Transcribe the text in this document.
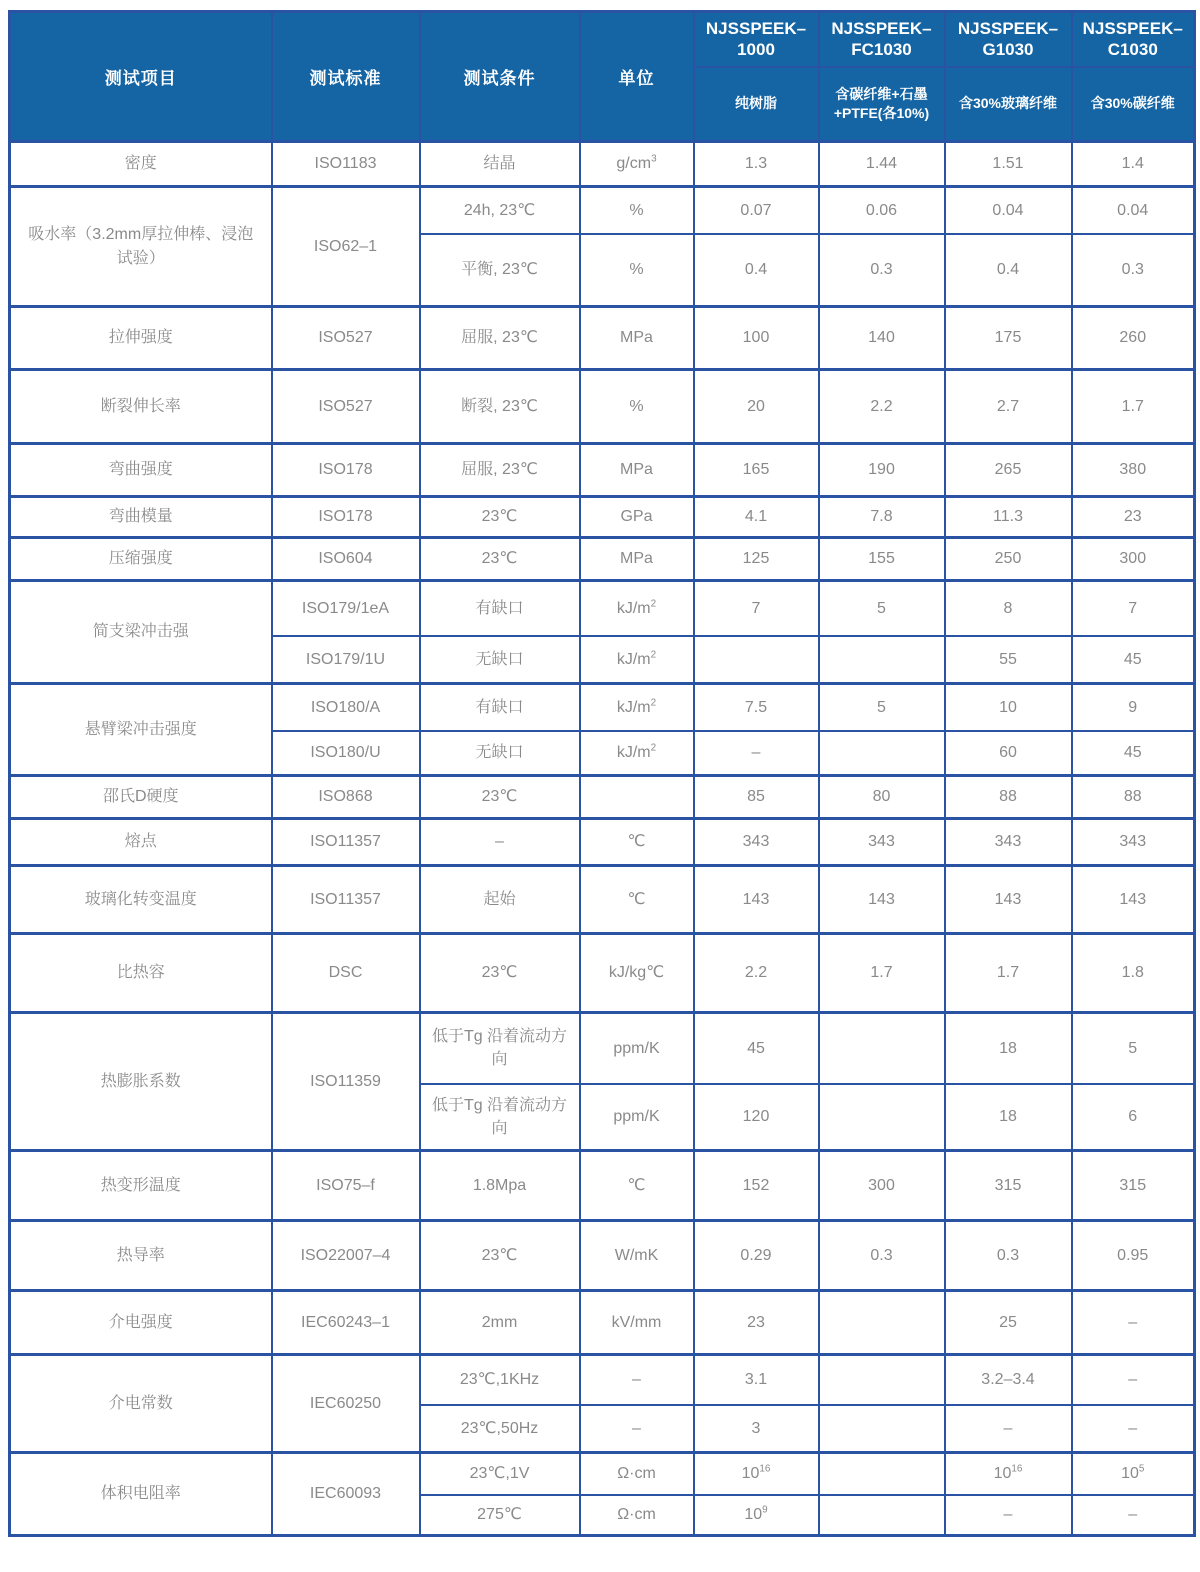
测试项目	测试标准	测试条件	单位	NJSSPEEK–1000	NJSSPEEK–FC1030	NJSSPEEK–G1030	NJSSPEEK–C1030
				纯树脂	含碳纤维+石墨+PTFE(各10%)	含30%玻璃纤维	含30%碳纤维
密度	ISO1183	结晶	$g/cm^3$	1.3	1.44	1.51	1.4
吸水率（3.2mm厚拉伸棒、浸泡试验）	ISO62–1	24h, 23℃	%	0.07	0.06	0.04	0.04
		平衡, 23℃	%	0.4	0.3	0.4	0.3
拉伸强度	ISO527	屈服, 23℃	MPa	100	140	175	260
断裂伸长率	ISO527	断裂, 23℃	%	20	2.2	2.7	1.7
弯曲强度	ISO178	屈服, 23℃	MPa	165	190	265	380
弯曲模量	ISO178	23℃	GPa	4.1	7.8	11.3	23
压缩强度	ISO604	23℃	MPa	125	155	250	300
简支梁冲击强	ISO179/1eA	有缺口	$kJ/m^2$	7	5	8	7
	ISO179/1U	无缺口	$kJ/m^2$			55	45
悬臂梁冲击强度	ISO180/A	有缺口	$kJ/m^2$	7.5	5	10	9
	ISO180/U	无缺口	$kJ/m^2$	–		60	45
邵氏D硬度	ISO868	23℃		85	80	88	88
熔点	ISO11357	–	℃	343	343	343	343
玻璃化转变温度	ISO11357	起始	℃	143	143	143	143
比热容	DSC	23℃	kJ/kg℃	2.2	1.7	1.7	1.8
热膨胀系数	ISO11359	低于Tg 沿着流动方向	ppm/K	45		18	5
		低于Tg 沿着流动方向	ppm/K	120		18	6
热变形温度	ISO75–f	1.8Mpa	℃	152	300	315	315
热导率	ISO22007–4	23℃	W/mK	0.29	0.3	0.3	0.95
介电强度	IEC60243–1	2mm	kV/mm	23		25	–
介电常数	IEC60250	23℃,1KHz	–	3.1		3.2–3.4	–
		23℃,50Hz	–	3		–	–
体积电阻率	IEC60093	23℃,1V	Ω·cm	$10^{16}$		$10^{16}$	$10^5$
		275℃	Ω·cm	$10^9$		–	–
